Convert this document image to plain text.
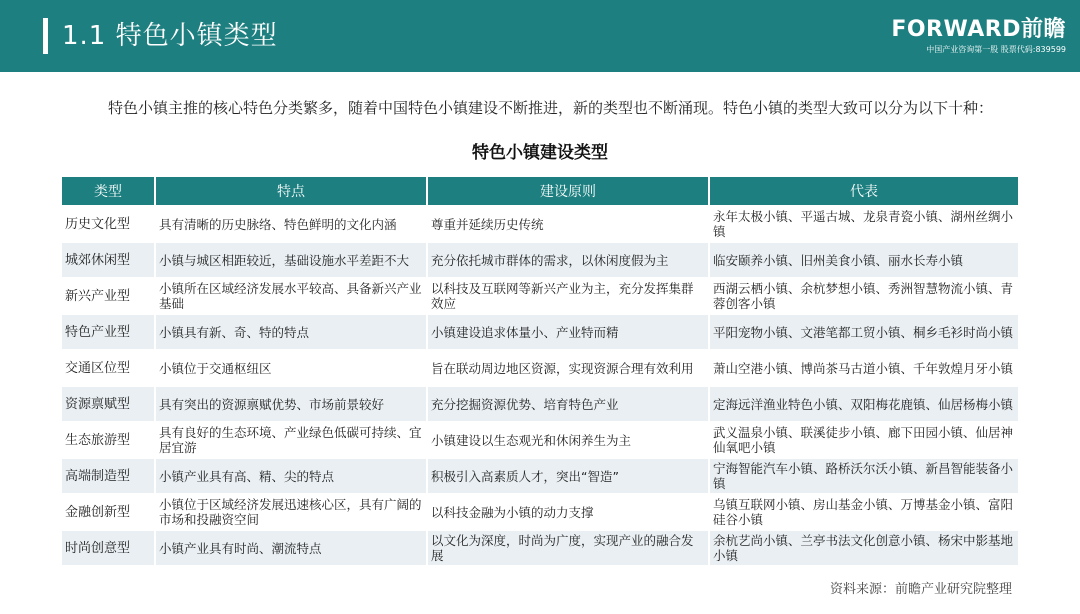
1.1 特色小镇类型	FORWARD前瞻
中国产业咨询第一股 股票代码:839599
特色小镇主推的核心特色分类繁多，随着中国特色小镇建设不断推进，新的类型也不断涌现。特色小镇的类型大致可以分为以下十种：
特色小镇建设类型
类型	特点	建设原则	代表
历史文化型	具有清晰的历史脉络、特色鲜明的文化内涵	尊重并延续历史传统	永年太极小镇、平遥古城、龙泉青瓷小镇、湖州丝绸小镇
城郊休闲型	小镇与城区相距较近，基础设施水平差距不大	充分依托城市群体的需求，以休闲度假为主	临安颐养小镇、旧州美食小镇、丽水长寿小镇
新兴产业型	小镇所在区域经济发展水平较高、具备新兴产业基础	以科技及互联网等新兴产业为主，充分发挥集群效应	西湖云栖小镇、余杭梦想小镇、秀洲智慧物流小镇、青蓉创客小镇
特色产业型	小镇具有新、奇、特的特点	小镇建设追求体量小、产业特而精	平阳宠物小镇、文港笔都工贸小镇、桐乡毛衫时尚小镇
交通区位型	小镇位于交通枢纽区	旨在联动周边地区资源，实现资源合理有效利用	萧山空港小镇、博尚茶马古道小镇、千年敦煌月牙小镇
资源禀赋型	具有突出的资源禀赋优势、市场前景较好	充分挖掘资源优势、培育特色产业	定海远洋渔业特色小镇、双阳梅花鹿镇、仙居杨梅小镇
生态旅游型	具有良好的生态环境、产业绿色低碳可持续、宜居宜游	小镇建设以生态观光和休闲养生为主	武义温泉小镇、联溪徒步小镇、廊下田园小镇、仙居神仙氧吧小镇
高端制造型	小镇产业具有高、精、尖的特点	积极引入高素质人才，突出“智造”	宁海智能汽车小镇、路桥沃尔沃小镇、新昌智能装备小镇
金融创新型	小镇位于区域经济发展迅速核心区，具有广阔的市场和投融资空间	以科技金融为小镇的动力支撑	乌镇互联网小镇、房山基金小镇、万博基金小镇、富阳硅谷小镇
时尚创意型	小镇产业具有时尚、潮流特点	以文化为深度，时尚为广度，实现产业的融合发展	余杭艺尚小镇、兰亭书法文化创意小镇、杨宋中影基地小镇
资料来源：前瞻产业研究院整理
